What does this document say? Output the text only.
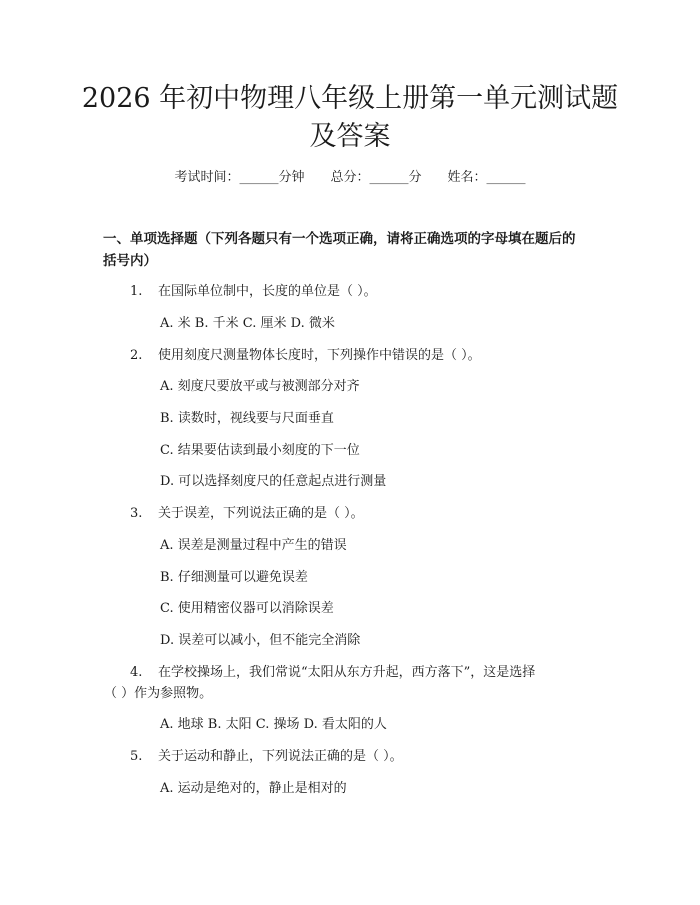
2026 年初中物理八年级上册第一单元测试题
及答案
考试时间：______分钟 总分：______分 姓名：______
一、单项选择题（下列各题只有一个选项正确，请将正确选项的字母填在题后的
括号内）
1. 在国际单位制中，长度的单位是（ ）。
A. 米 B. 千米 C. 厘米 D. 微米
2. 使用刻度尺测量物体长度时，下列操作中错误的是（ ）。
A. 刻度尺要放平或与被测部分对齐
B. 读数时，视线要与尺面垂直
C. 结果要估读到最小刻度的下一位
D. 可以选择刻度尺的任意起点进行测量
3. 关于误差，下列说法正确的是（ ）。
A. 误差是测量过程中产生的错误
B. 仔细测量可以避免误差
C. 使用精密仪器可以消除误差
D. 误差可以减小，但不能完全消除
4. 在学校操场上，我们常说“太阳从东方升起，西方落下”，这是选择
（ ）作为参照物。
A. 地球 B. 太阳 C. 操场 D. 看太阳的人
5. 关于运动和静止，下列说法正确的是（ ）。
A. 运动是绝对的，静止是相对的
